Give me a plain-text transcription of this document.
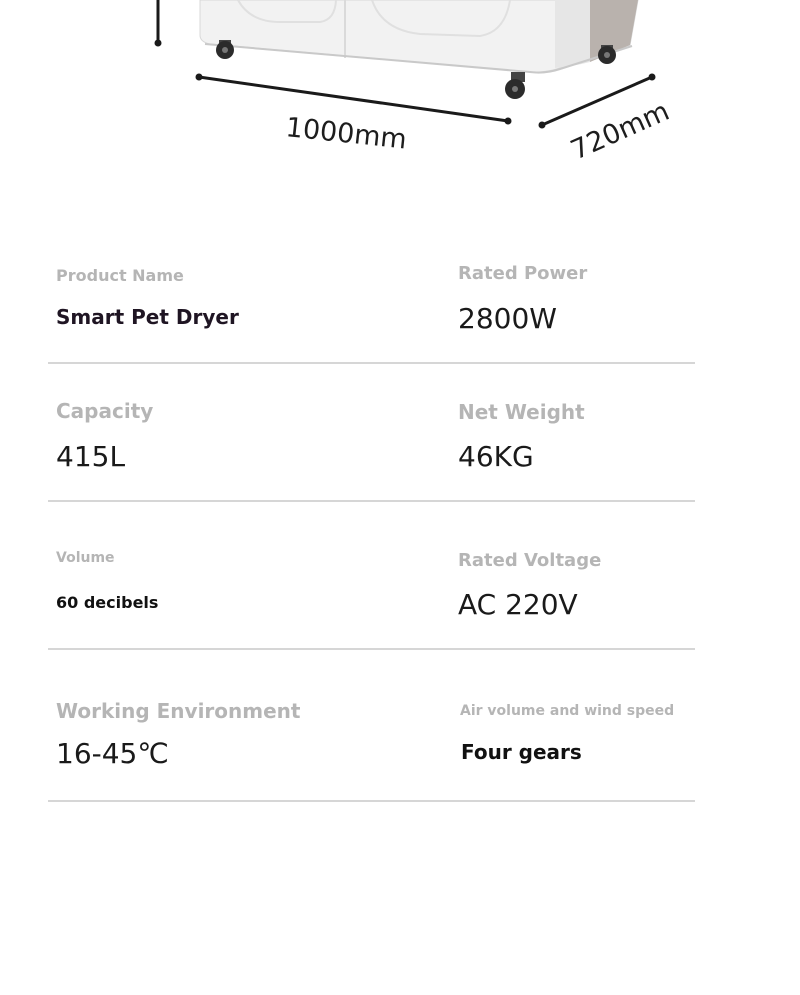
1000mm	720mm
Product Name
Smart Pet Dryer
Rated Power
2800W
Capacity
415L
Net Weight
46KG
Volume
60 decibels
Rated Voltage
AC 220V
Working Environment
16-45℃
Air volume and wind speed
Four gears
